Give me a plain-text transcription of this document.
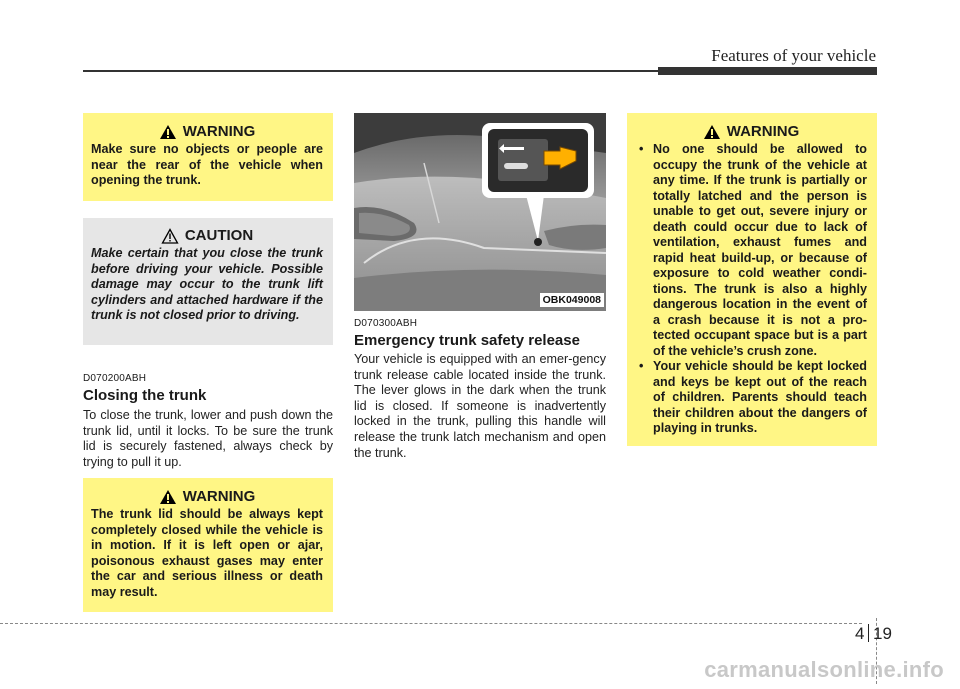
Features of your vehicle
WARNING
Make sure no objects or people are near the rear of the vehicle when opening the trunk.
CAUTION
Make certain that you close the trunk before driving your vehicle. Possible damage may occur to the trunk lift cylinders and attached hardware if the trunk is not closed prior to driving.
D070200ABH
Closing the trunk
To close the trunk, lower and push down the trunk lid, until it locks. To be sure the trunk lid is securely fastened, always check by trying to pull it up.
WARNING
The trunk lid should be always kept completely closed while the vehicle is in motion. If it is left open or ajar, poisonous exhaust gases may enter the car and serious illness or death may result.
OBK049008
D070300ABH
Emergency trunk safety release
Your vehicle is equipped with an emer-gency trunk release cable located inside the trunk. The lever glows in the dark when the trunk lid is closed. If someone is inadvertently locked in the trunk, pulling this handle will release the trunk latch mechanism and open the trunk.
WARNING
• No one should be allowed to occupy the trunk of the vehicle at any time. If the trunk is partially or totally latched and the person is unable to get out, severe injury or death could occur due to lack of ventilation, exhaust fumes and rapid heat build-up, or because of exposure to cold weather condi-tions. The trunk is also a highly dangerous location in the event of a crash because it is not a pro-tected occupant space but is a part of the vehicle’s crush zone.
• Your vehicle should be kept locked and keys be kept out of the reach of children. Parents should teach their children about the dangers of playing in trunks.
4 19
carmanualsonline.info
